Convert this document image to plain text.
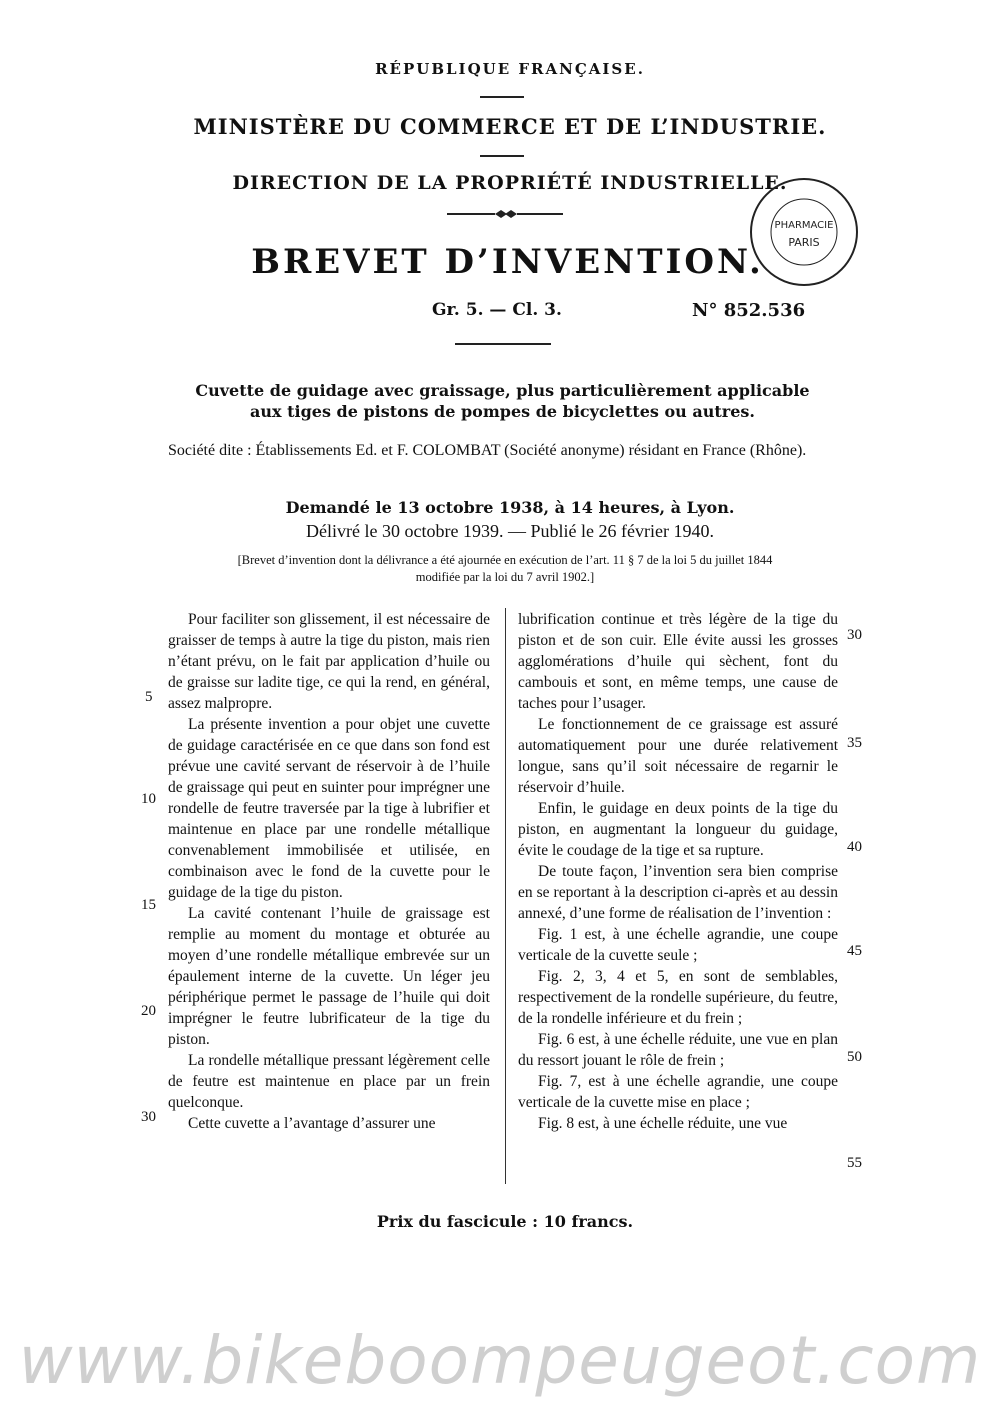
RÉPUBLIQUE FRANÇAISE.
MINISTÈRE DU COMMERCE ET DE L’INDUSTRIE.
DIRECTION DE LA PROPRIÉTÉ INDUSTRIELLE.
BREVET D’INVENTION.
Gr. 5. — Cl. 3.	N° 852.536
PHARMACIE
PARIS
Cuvette de guidage avec graissage, plus particulièrement applicable
aux tiges de pistons de pompes de bicyclettes ou autres.
Société dite : Établissements Ed. et F. COLOMBAT (Société anonyme) résidant en France (Rhône).
Demandé le 13 octobre 1938, à 14 heures, à Lyon.
Délivré le 30 octobre 1939. — Publié le 26 février 1940.
[Brevet d’invention dont la délivrance a été ajournée en exécution de l’art. 11 § 7 de la loi 5 du juillet 1844
modifiée par la loi du 7 avril 1902.]

Pour faciliter son glissement, il est nécessaire de graisser de temps à autre la tige du piston, mais rien n’étant prévu, on le fait par application d’huile ou de graisse sur ladite tige, ce qui la rend, en général, assez malpropre.

La présente invention a pour objet une cuvette de guidage caractérisée en ce que dans son fond est prévue une cavité servant de réservoir à de l’huile de graissage qui peut en suinter pour imprégner une rondelle de feutre traversée par la tige à lubrifier et maintenue en place par une rondelle métallique convenablement immobilisée et utilisée, en combinaison avec le fond de la cuvette pour le guidage de la tige du piston.

La cavité contenant l’huile de graissage est remplie au moment du montage et obturée au moyen d’une rondelle métallique embrevée sur un épaulement interne de la cuvette. Un léger jeu périphérique permet le passage de l’huile qui doit imprégner le feutre lubrificateur de la tige du piston.

La rondelle métallique pressant légèrement celle de feutre est maintenue en place par un frein quelconque.

Cette cuvette a l’avantage d’assurer une

lubrification continue et très légère de la tige du piston et de son cuir. Elle évite aussi les grosses agglomérations d’huile qui sèchent, font du cambouis et sont, en même temps, une cause de taches pour l’usager.

Le fonctionnement de ce graissage est assuré automatiquement pour une durée relativement longue, sans qu’il soit nécessaire de regarnir le réservoir d’huile.

Enfin, le guidage en deux points de la tige du piston, en augmentant la longueur du guidage, évite le coudage de la tige et sa rupture.

De toute façon, l’invention sera bien comprise en se reportant à la description ci-après et au dessin annexé, d’une forme de réalisation de l’invention :

Fig. 1 est, à une échelle agrandie, une coupe verticale de la cuvette seule ;

Fig. 2, 3, 4 et 5, en sont de semblables, respectivement de la rondelle supérieure, du feutre, de la rondelle inférieure et du frein ;

Fig. 6 est, à une échelle réduite, une vue en plan du ressort jouant le rôle de frein ;

Fig. 7, est à une échelle agrandie, une coupe verticale de la cuvette mise en place ;

Fig. 8 est, à une échelle réduite, une vue

5
10
15
20
30
30
35
40
45
50
55
Prix du fascicule : 10 francs.
www.bikeboompeugeot.com
